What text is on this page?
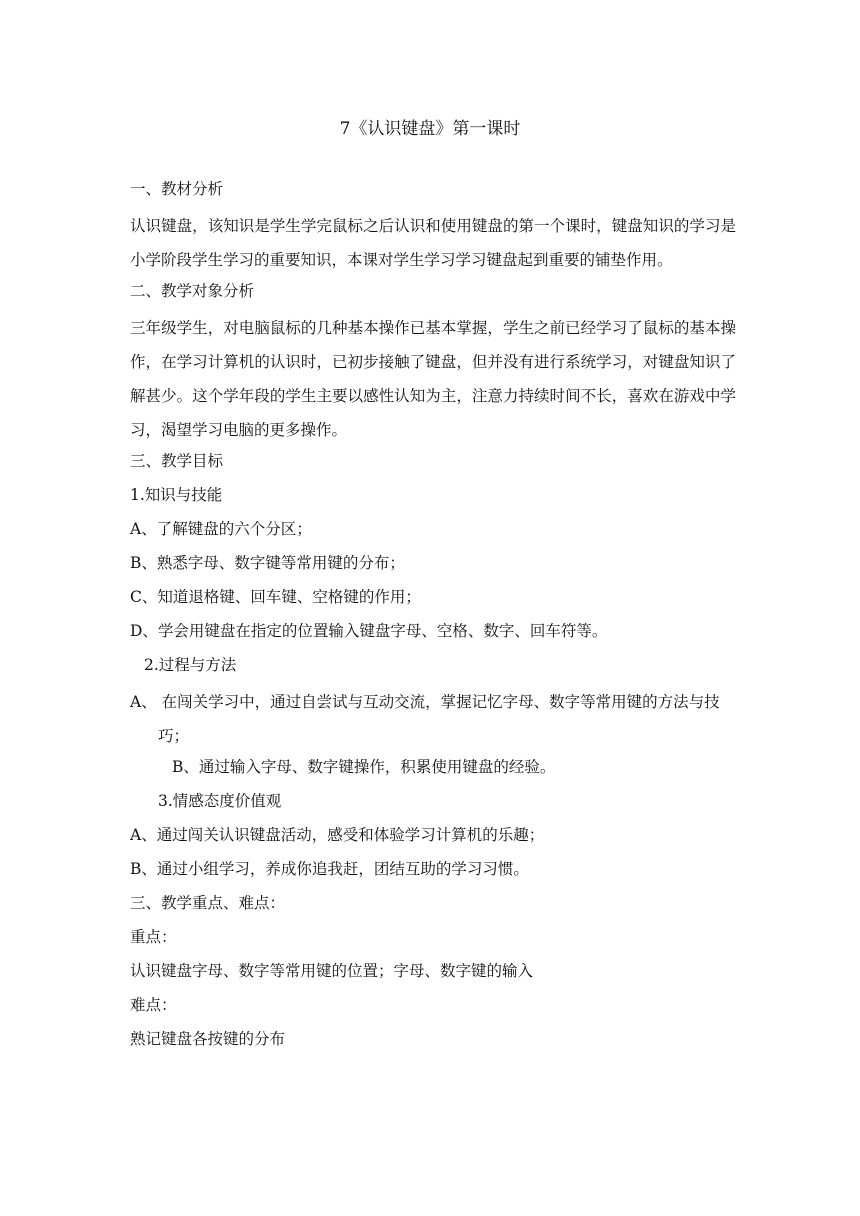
7《认识键盘》第一课时
一、教材分析
认识键盘，该知识是学生学完鼠标之后认识和使用键盘的第一个课时，键盘知识的学习是小学阶段学生学习的重要知识，本课对学生学习学习键盘起到重要的铺垫作用。
二、教学对象分析
三年级学生，对电脑鼠标的几种基本操作已基本掌握，学生之前已经学习了鼠标的基本操作，在学习计算机的认识时，已初步接触了键盘，但并没有进行系统学习，对键盘知识了解甚少。这个学年段的学生主要以感性认知为主，注意力持续时间不长，喜欢在游戏中学习，渴望学习电脑的更多操作。
三、教学目标
1.知识与技能
A、了解键盘的六个分区；
B、熟悉字母、数字键等常用键的分布；
C、知道退格键、回车键、空格键的作用；
D、学会用键盘在指定的位置输入键盘字母、空格、数字、回车符等。
2.过程与方法
A、 在闯关学习中，通过自尝试与互动交流，掌握记忆字母、数字等常用键的方法与技巧；
B、通过输入字母、数字键操作，积累使用键盘的经验。
3.情感态度价值观
A、通过闯关认识键盘活动，感受和体验学习计算机的乐趣；
B、通过小组学习，养成你追我赶，团结互助的学习习惯。
三、教学重点、难点：
重点：
认识键盘字母、数字等常用键的位置；字母、数字键的输入
难点：
熟记键盘各按键的分布
